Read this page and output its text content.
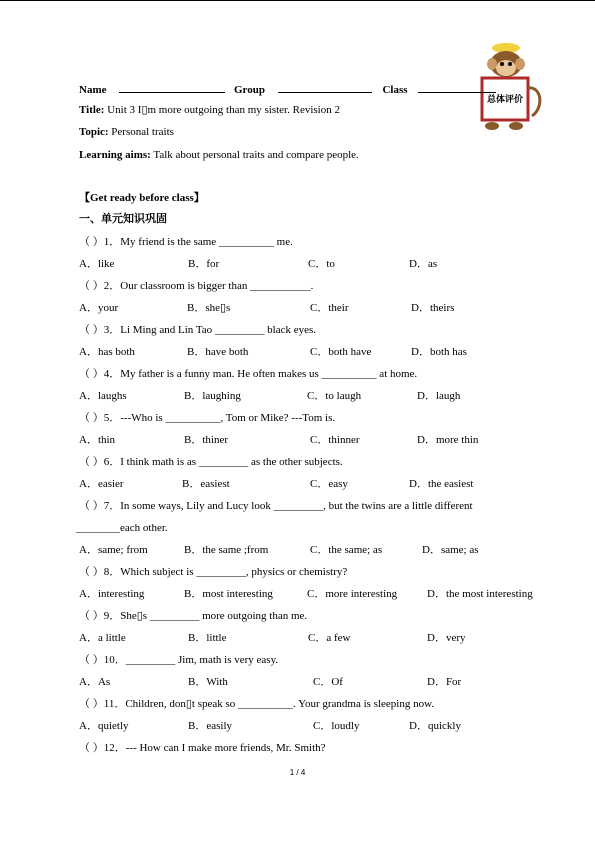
总体评价
Name	Group	Class
Title: Unit 3 I▯m more outgoing than my sister. Revision 2
Topic: Personal traits
Learning aims: Talk about personal traits and compare people.
【Get ready before class】
一、单元知识巩固
（ ）1．My friend is the same __________ me.
A．like	B．for	C．to	D．as
（ ）2．Our classroom is bigger than ___________.
A．your	B．she▯s	C．their	D．theirs
（ ）3．Li Ming and Lin Tao _________ black eyes.
A．has both	B．have both	C．both have	D．both has
（ ）4．My father is a funny man. He often makes us __________ at home.
A．laughs	B．laughing	C．to laugh	D．laugh
（ ）5．---Who is __________, Tom or Mike? ---Tom is.
A．thin	B．thiner	C．thinner	D．more thin
（ ）6．I think math is as _________ as the other subjects.
A．easier	B．easiest	C．easy	D．the easiest
（ ）7．In some ways, Lily and Lucy look _________, but the twins are a little different
________each other.
A．same; from	B．the same ;from	C．the same; as	D．same; as
（ ）8．Which subject is _________, physics or chemistry?
A．interesting	B．most interesting	C．more interesting	D．the most interesting
（ ）9．She▯s _________ more outgoing than me.
A．a little	B．little	C．a few	D．very
（ ）10．_________ Jim, math is very easy.
A．As	B．With	C．Of	D．For
（ ）11．Children, don▯t speak so __________. Your grandma is sleeping now.
A．quietly	B．easily	C．loudly	D．quickly
（ ）12．--- How can I make more friends, Mr. Smith?
1 / 4
